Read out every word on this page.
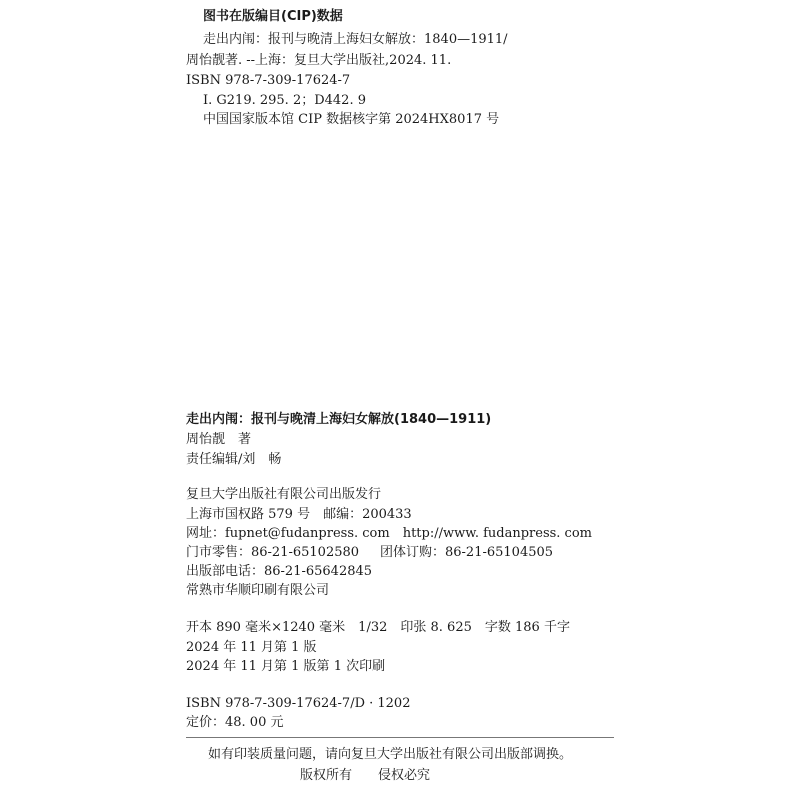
图书在版编目(CIP)数据
走出内闱：报刊与晚清上海妇女解放：1840—1911/
周怡靓著. --上海：复旦大学出版社,2024. 11.
ISBN 978-7-309-17624-7
Ⅰ. G219. 295. 2；D442. 9
中国国家版本馆 CIP 数据核字第 2024HX8017 号
走出内闱：报刊与晚清上海妇女解放(1840—1911)
周怡靓　著
责任编辑/刘　畅
复旦大学出版社有限公司出版发行
上海市国权路 579 号　邮编：200433
网址：fupnet@fudanpress. com　http://www. fudanpress. com
门市零售：86-21-65102580 团体订购：86-21-65104505
出版部电话：86-21-65642845
常熟市华顺印刷有限公司
开本 890 毫米×1240 毫米　1/32　印张 8. 625　字数 186 千字
2024 年 11 月第 1 版
2024 年 11 月第 1 版第 1 次印刷
ISBN 978-7-309-17624-7/D · 1202
定价：48. 00 元
如有印装质量问题，请向复旦大学出版社有限公司出版部调换。
版权所有　　侵权必究
